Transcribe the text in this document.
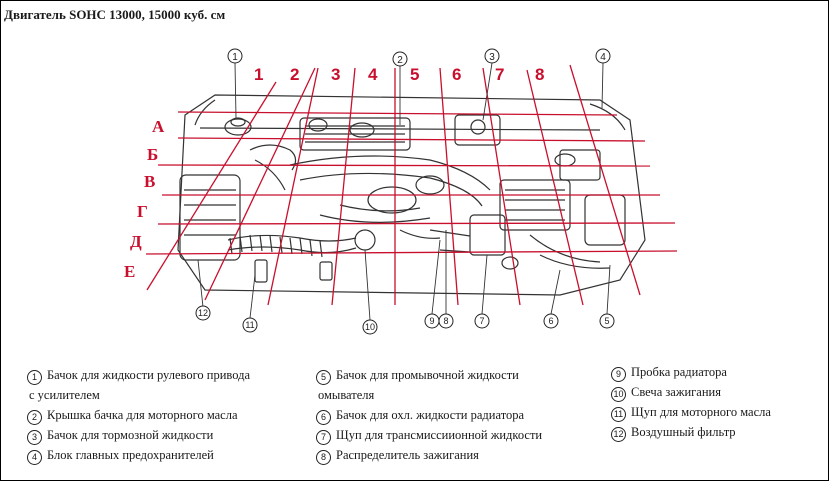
Двигатель SOHC 13000, 15000 куб. см
1 2 3 4 5 6 7 8
А
Б
В
Г
Д
Е
1	2	3	4
12
11	10
9 8	7	6	5
1 Бачок для жидкости рулевого привода
с усилителем
2 Крышка бачка для моторного масла
3 Бачок для тормозной жидкости
4 Блок главных предохранителей
5 Бачок для промывочной жидкости
омывателя
6 Бачок для охл. жидкости радиатора
7 Щуп для трансмиссиионной жидкости
8 Распределитель зажигания
9 Пробка радиатора
10 Свеча зажигания
11 Щуп для моторного масла
12 Воздушный фильтр
